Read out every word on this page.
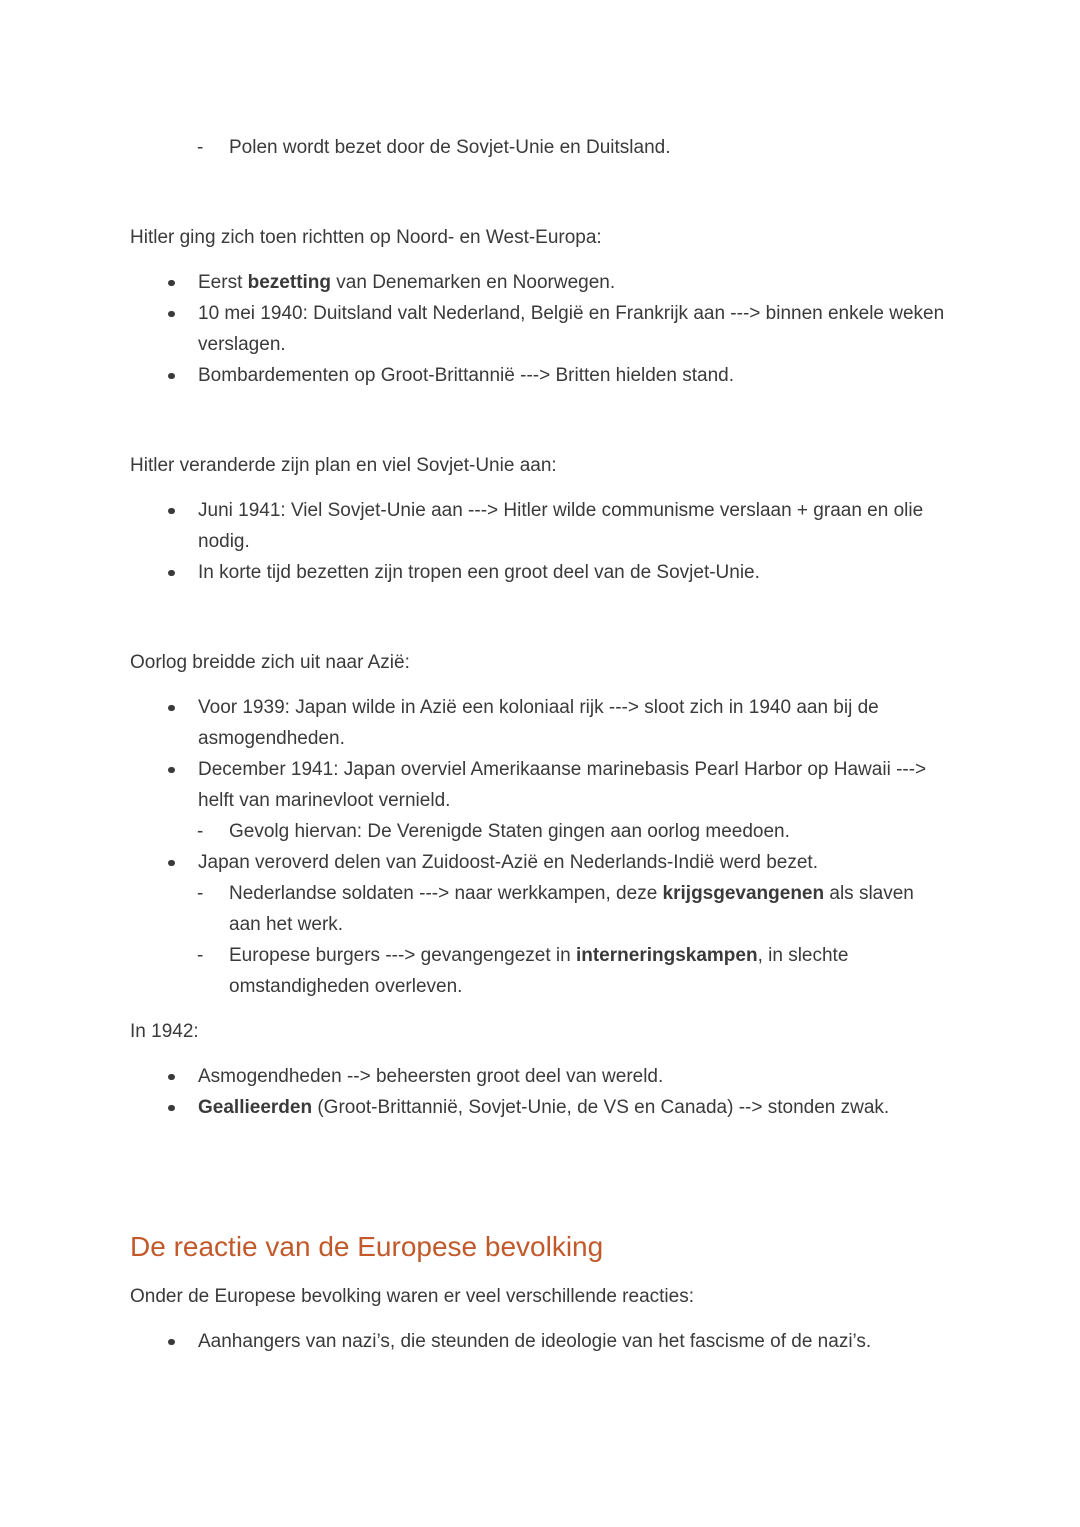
- Polen wordt bezet door de Sovjet-Unie en Duitsland.
Hitler ging zich toen richtten op Noord- en West-Europa:
Eerst bezetting van Denemarken en Noorwegen.
10 mei 1940: Duitsland valt Nederland, België en Frankrijk aan ---> binnen enkele weken verslagen.
Bombardementen op Groot-Brittannië ---> Britten hielden stand.
Hitler veranderde zijn plan en viel Sovjet-Unie aan:
Juni 1941: Viel Sovjet-Unie aan ---> Hitler wilde communisme verslaan + graan en olie nodig.
In korte tijd bezetten zijn tropen een groot deel van de Sovjet-Unie.
Oorlog breidde zich uit naar Azië:
Voor 1939: Japan wilde in Azië een koloniaal rijk ---> sloot zich in 1940 aan bij de asmogendheden.
December 1941: Japan overviel Amerikaanse marinebasis Pearl Harbor op Hawaii ---> helft van marinevloot vernield.
- Gevolg hiervan: De Verenigde Staten gingen aan oorlog meedoen.
Japan veroverd delen van Zuidoost-Azië en Nederlands-Indië werd bezet.
- Nederlandse soldaten ---> naar werkkampen, deze krijgsgevangenen als slaven aan het werk.
- Europese burgers ---> gevangengezet in interneringskampen, in slechte omstandigheden overleven.
In 1942:
Asmogendheden --> beheersten groot deel van wereld.
Geallieerden (Groot-Brittannië, Sovjet-Unie, de VS en Canada) --> stonden zwak.
De reactie van de Europese bevolking
Onder de Europese bevolking waren er veel verschillende reacties:
Aanhangers van nazi’s, die steunden de ideologie van het fascisme of de nazi’s.
